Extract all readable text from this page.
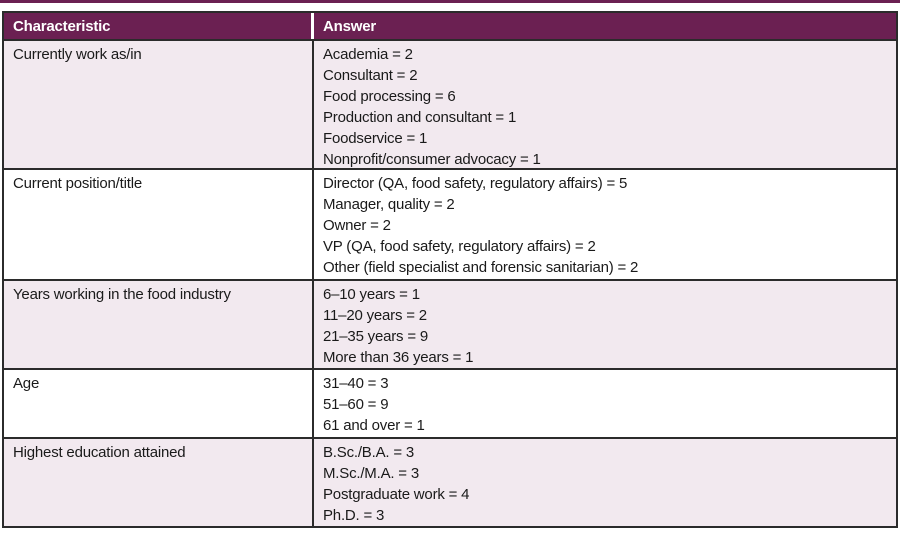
Characteristic	Answer
Currently work as/in	Academia = 2
Consultant = 2
Food processing = 6
Production and consultant = 1
Foodservice = 1
Nonprofit/consumer advocacy = 1
Current position/title	Director (QA, food safety, regulatory affairs) = 5
Manager, quality = 2
Owner = 2
VP (QA, food safety, regulatory affairs) = 2
Other (field specialist and forensic sanitarian) = 2
Years working in the food industry	6–10 years = 1
11–20 years = 2
21–35 years = 9
More than 36 years = 1
Age	31–40 = 3
51–60 = 9
61 and over = 1
Highest education attained	B.Sc./B.A. = 3
M.Sc./M.A. = 3
Postgraduate work = 4
Ph.D. = 3
